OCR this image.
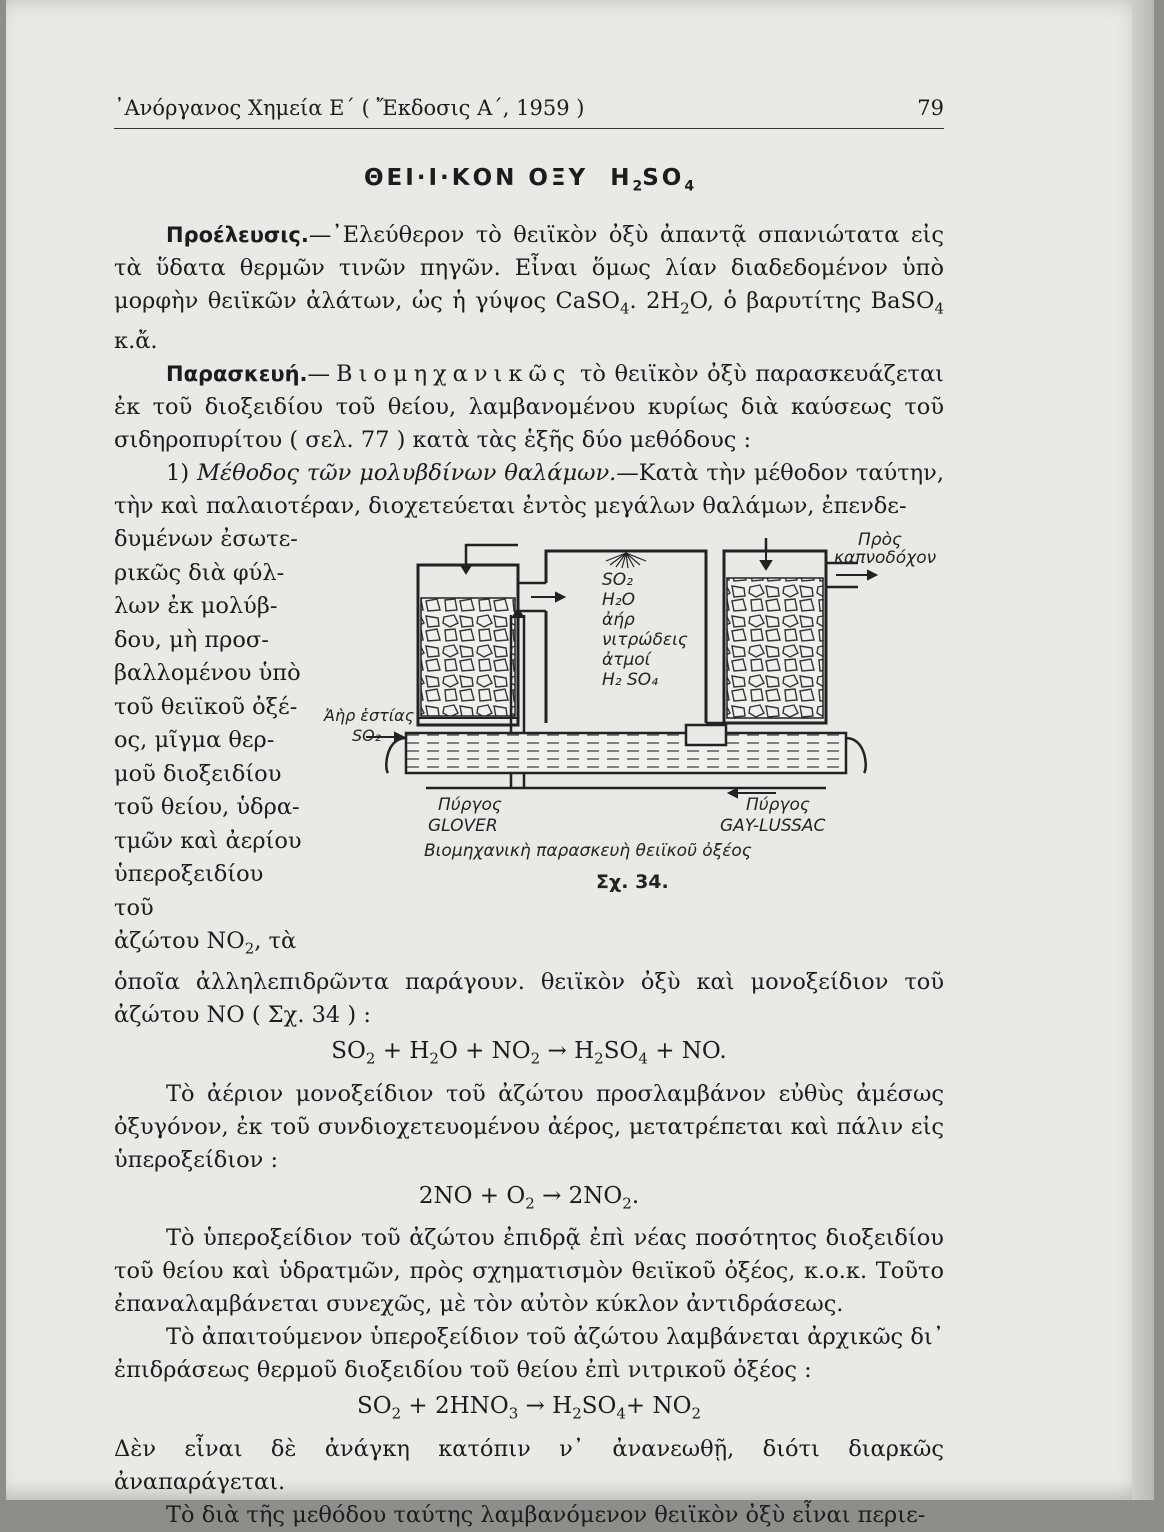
᾿Ανόργανος Χημεία Ε΄ ( Ἔκδοσις Α΄, 1959 )	79
ΘΕΙ·Ι·ΚΟΝ ΟΞΥ $H_2SO_4$

Προέλευσις.—᾿Ελεύθερον τὸ θειϊκὸν ὀξὺ ἀπαντᾷ σπανιώτατα εἰς τὰ ὕδατα θερμῶν τινῶν πηγῶν. Εἶναι ὅμως λίαν διαδεδομένον ὑπὸ μορφὴν θειϊκῶν ἀλάτων, ὡς ἡ γύψος CaSO$_4$. $2H_2O$, ὁ βαρυτίτης BaSO$_4$ κ.ἄ.

Παρασκευή.—Βιομηχανικῶς τὸ θειϊκὸν ὀξὺ παρασκευάζεται ἐκ τοῦ διοξειδίου τοῦ θείου, λαμβανομένου κυρίως διὰ καύσεως τοῦ σιδηροπυρίτου ( σελ. 77 ) κατὰ τὰς ἑξῆς δύο μεθόδους :

1) Μέθοδος τῶν μολυβδίνων θαλάμων.—Κατὰ τὴν μέθοδον ταύτην, τὴν καὶ παλαιοτέραν, διοχετεύεται ἐντὸς μεγάλων θαλάμων, ἐπενδε-

δυμένων ἐσωτε-

ρικῶς διὰ φύλ-

λων ἐκ μολύβ-

δου, μὴ προσ-

βαλλομένου ὑπὸ

τοῦ θειϊκοῦ ὀξέ-

ος, μῖγμα θερ-

μοῦ διοξειδίου

τοῦ θείου, ὑδρα-

τμῶν καὶ ἀερίου

ὑπεροξειδίου τοῦ

ἀζώτου $NO_2$, τὰ

SO₂
H₂O
ἀήρ
νιτρώδεις
ἀτμοί
H₂ SO₄
Πρὸς
καπνοδόχον
Ἀὴρ ἑστίας
SO₂
Πύργος
GLOVER
Πύργος
GAY-LUSSAC
Βιομηχανικὴ παρασκευὴ θειϊκοῦ ὀξέος
Σχ. 34.

ὁποῖα ἀλληλεπιδρῶντα παράγουν. θειϊκὸν ὀξὺ καὶ μονοξείδιον τοῦ ἀζώτου NO ( Σχ. 34 ) :

$SO_2 + H_2O + NO_2 \to H_2SO_4$ + NO.

Τὸ ἀέριον μονοξείδιον τοῦ ἀζώτου προσλαμβάνον εὐθὺς ἀμέσως ὀξυγόνον, ἐκ τοῦ συνδιοχετευομένου ἀέρος, μετατρέπεται καὶ πάλιν εἰς ὑπεροξείδιον :

$2NO + O_2 \to 2NO_2$.

Τὸ ὑπεροξείδιον τοῦ ἀζώτου ἐπιδρᾷ ἐπὶ νέας ποσότητος διοξειδίου τοῦ θείου καὶ ὑδρατμῶν, πρὸς σχηματισμὸν θειϊκοῦ ὀξέος, κ.ο.κ. Τοῦτο ἐπαναλαμβάνεται συνεχῶς, μὲ τὸν αὐτὸν κύκλον ἀντιδράσεως.

Τὸ ἀπαιτούμενον ὑπεροξείδιον τοῦ ἀζώτου λαμβάνεται ἀρχικῶς δι᾿ ἐπιδράσεως θερμοῦ διοξειδίου τοῦ θείου ἐπὶ νιτρικοῦ ὀξέος :

$SO_2 + 2HNO_3 \to H_2SO_4+ NO_2$

Δὲν εἶναι δὲ ἀνάγκη κατόπιν ν᾿ ἀνανεωθῇ, διότι διαρκῶς ἀναπαράγεται.

Τὸ διὰ τῆς μεθόδου ταύτης λαμβανόμενον θειϊκὸν ὀξὺ εἶναι περιε-
